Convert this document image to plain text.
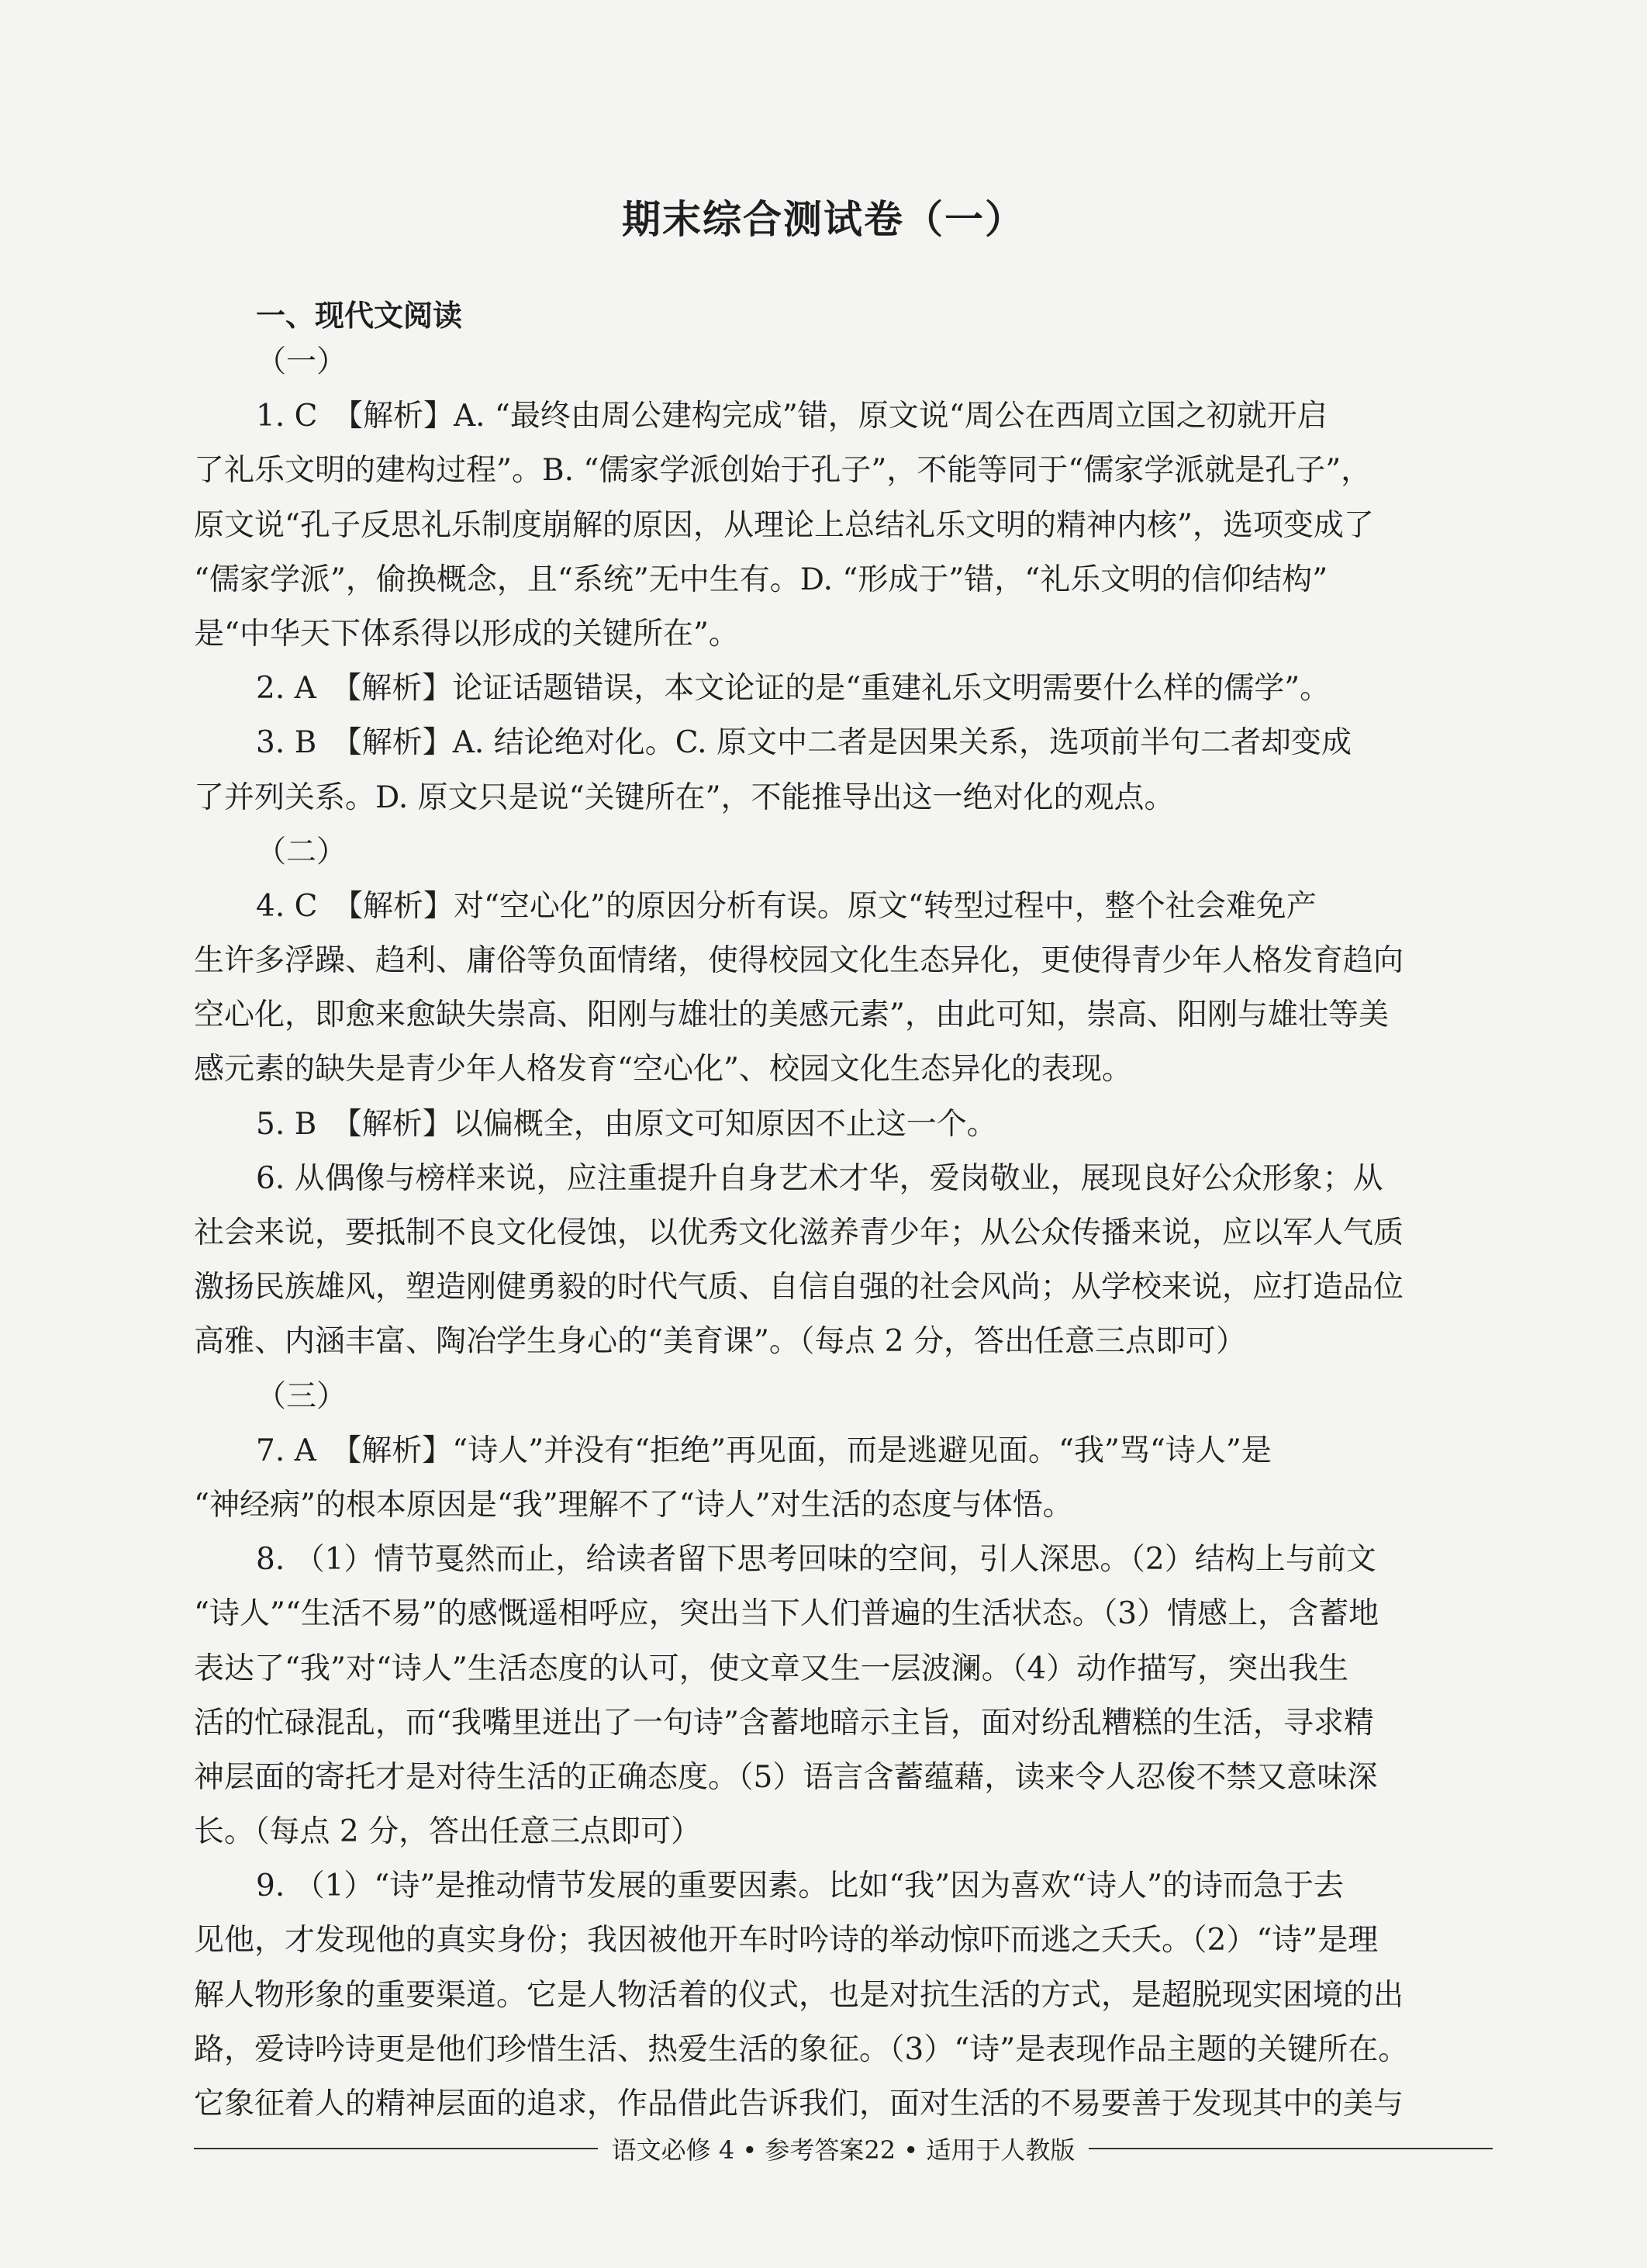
期末综合测试卷（一）
一、现代文阅读
（一）
1. C　【解析】A. “最终由周公建构完成”错，原文说“周公在西周立国之初就开启
了礼乐文明的建构过程”。B. “儒家学派创始于孔子”，不能等同于“儒家学派就是孔子”，
原文说“孔子反思礼乐制度崩解的原因，从理论上总结礼乐文明的精神内核”，选项变成了
“儒家学派”，偷换概念，且“系统”无中生有。D. “形成于”错，“礼乐文明的信仰结构”
是“中华天下体系得以形成的关键所在”。
2. A　【解析】论证话题错误，本文论证的是“重建礼乐文明需要什么样的儒学”。
3. B　【解析】A. 结论绝对化。C. 原文中二者是因果关系，选项前半句二者却变成
了并列关系。D. 原文只是说“关键所在”，不能推导出这一绝对化的观点。
（二）
4. C　【解析】对“空心化”的原因分析有误。原文“转型过程中，整个社会难免产
生许多浮躁、趋利、庸俗等负面情绪，使得校园文化生态异化，更使得青少年人格发育趋向
空心化，即愈来愈缺失崇高、阳刚与雄壮的美感元素”，由此可知，崇高、阳刚与雄壮等美
感元素的缺失是青少年人格发育“空心化”、校园文化生态异化的表现。
5. B　【解析】以偏概全，由原文可知原因不止这一个。
6. 从偶像与榜样来说，应注重提升自身艺术才华，爱岗敬业，展现良好公众形象；从
社会来说，要抵制不良文化侵蚀，以优秀文化滋养青少年；从公众传播来说，应以军人气质
激扬民族雄风，塑造刚健勇毅的时代气质、自信自强的社会风尚；从学校来说，应打造品位
高雅、内涵丰富、陶冶学生身心的“美育课”。（每点 2 分，答出任意三点即可）
（三）
7. A　【解析】“诗人”并没有“拒绝”再见面，而是逃避见面。“我”骂“诗人”是
“神经病”的根本原因是“我”理解不了“诗人”对生活的态度与体悟。
8. （1）情节戛然而止，给读者留下思考回味的空间，引人深思。（2）结构上与前文
“诗人”“生活不易”的感慨遥相呼应，突出当下人们普遍的生活状态。（3）情感上，含蓄地
表达了“我”对“诗人”生活态度的认可，使文章又生一层波澜。（4）动作描写，突出我生
活的忙碌混乱，而“我嘴里迸出了一句诗”含蓄地暗示主旨，面对纷乱糟糕的生活，寻求精
神层面的寄托才是对待生活的正确态度。（5）语言含蓄蕴藉，读来令人忍俊不禁又意味深
长。（每点 2 分，答出任意三点即可）
9. （1）“诗”是推动情节发展的重要因素。比如“我”因为喜欢“诗人”的诗而急于去
见他，才发现他的真实身份；我因被他开车时吟诗的举动惊吓而逃之夭夭。（2）“诗”是理
解人物形象的重要渠道。它是人物活着的仪式，也是对抗生活的方式，是超脱现实困境的出
路，爱诗吟诗更是他们珍惜生活、热爱生活的象征。（3）“诗”是表现作品主题的关键所在。
它象征着人的精神层面的追求，作品借此告诉我们，面对生活的不易要善于发现其中的美与
语文必修 4 • 参考答案22 • 适用于人教版
